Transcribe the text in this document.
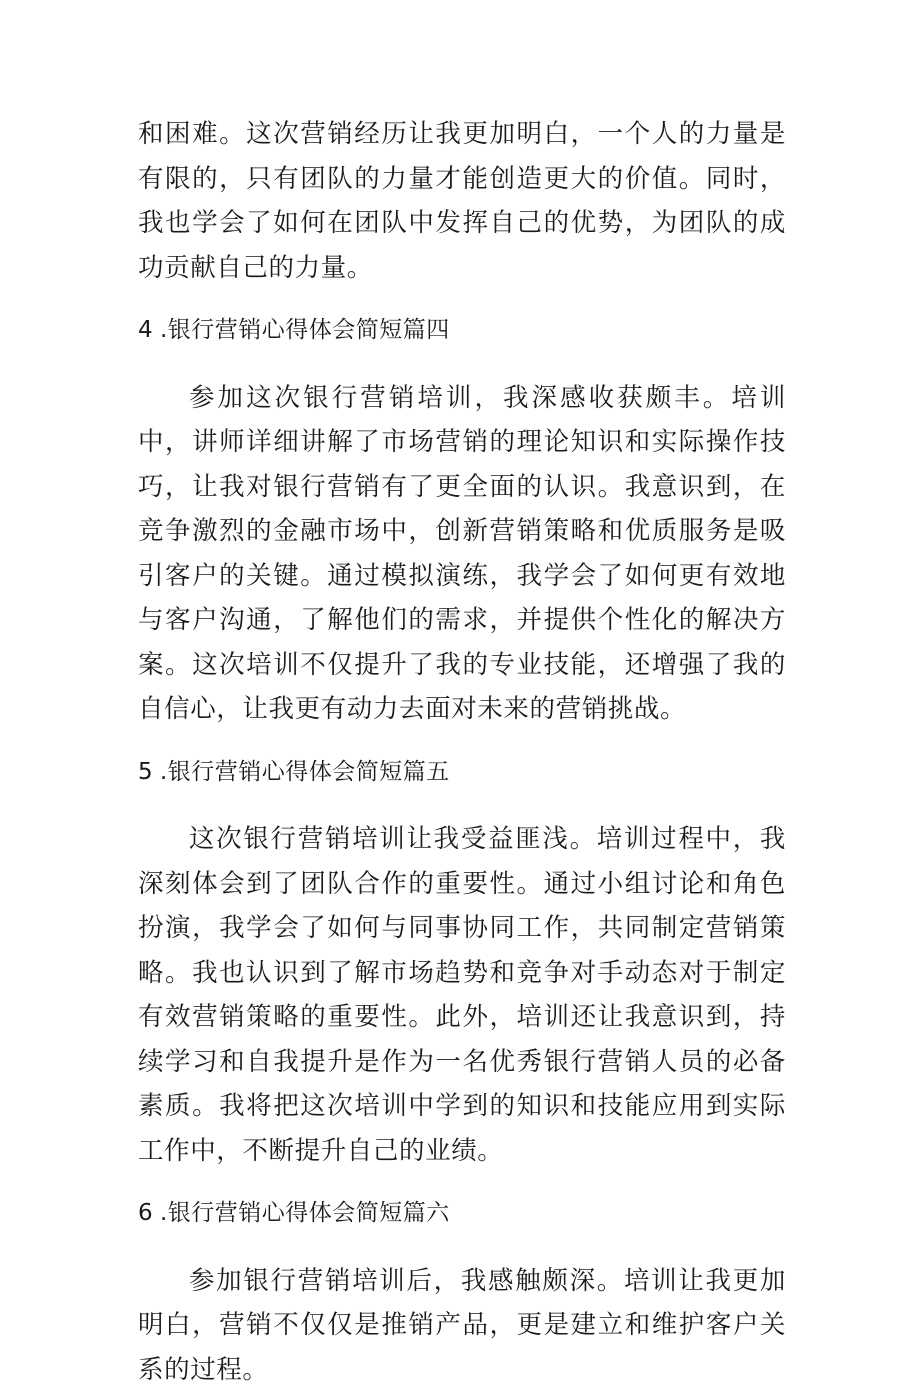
和困难。这次营销经历让我更加明白，一个人的力量是有限的，只有团队的力量才能创造更大的价值。同时，我也学会了如何在团队中发挥自己的优势，为团队的成功贡献自己的力量。

4 .银行营销心得体会简短篇四

参加这次银行营销培训，我深感收获颇丰。培训中，讲师详细讲解了市场营销的理论知识和实际操作技巧，让我对银行营销有了更全面的认识。我意识到，在竞争激烈的金融市场中，创新营销策略和优质服务是吸引客户的关键。通过模拟演练，我学会了如何更有效地与客户沟通，了解他们的需求，并提供个性化的解决方案。这次培训不仅提升了我的专业技能，还增强了我的自信心，让我更有动力去面对未来的营销挑战。

5 .银行营销心得体会简短篇五

这次银行营销培训让我受益匪浅。培训过程中，我深刻体会到了团队合作的重要性。通过小组讨论和角色扮演，我学会了如何与同事协同工作，共同制定营销策略。我也认识到了解市场趋势和竞争对手动态对于制定有效营销策略的重要性。此外，培训还让我意识到，持续学习和自我提升是作为一名优秀银行营销人员的必备素质。我将把这次培训中学到的知识和技能应用到实际工作中，不断提升自己的业绩。

6 .银行营销心得体会简短篇六

参加银行营销培训后，我感触颇深。培训让我更加明白，营销不仅仅是推销产品，更是建立和维护客户关系的过程。
